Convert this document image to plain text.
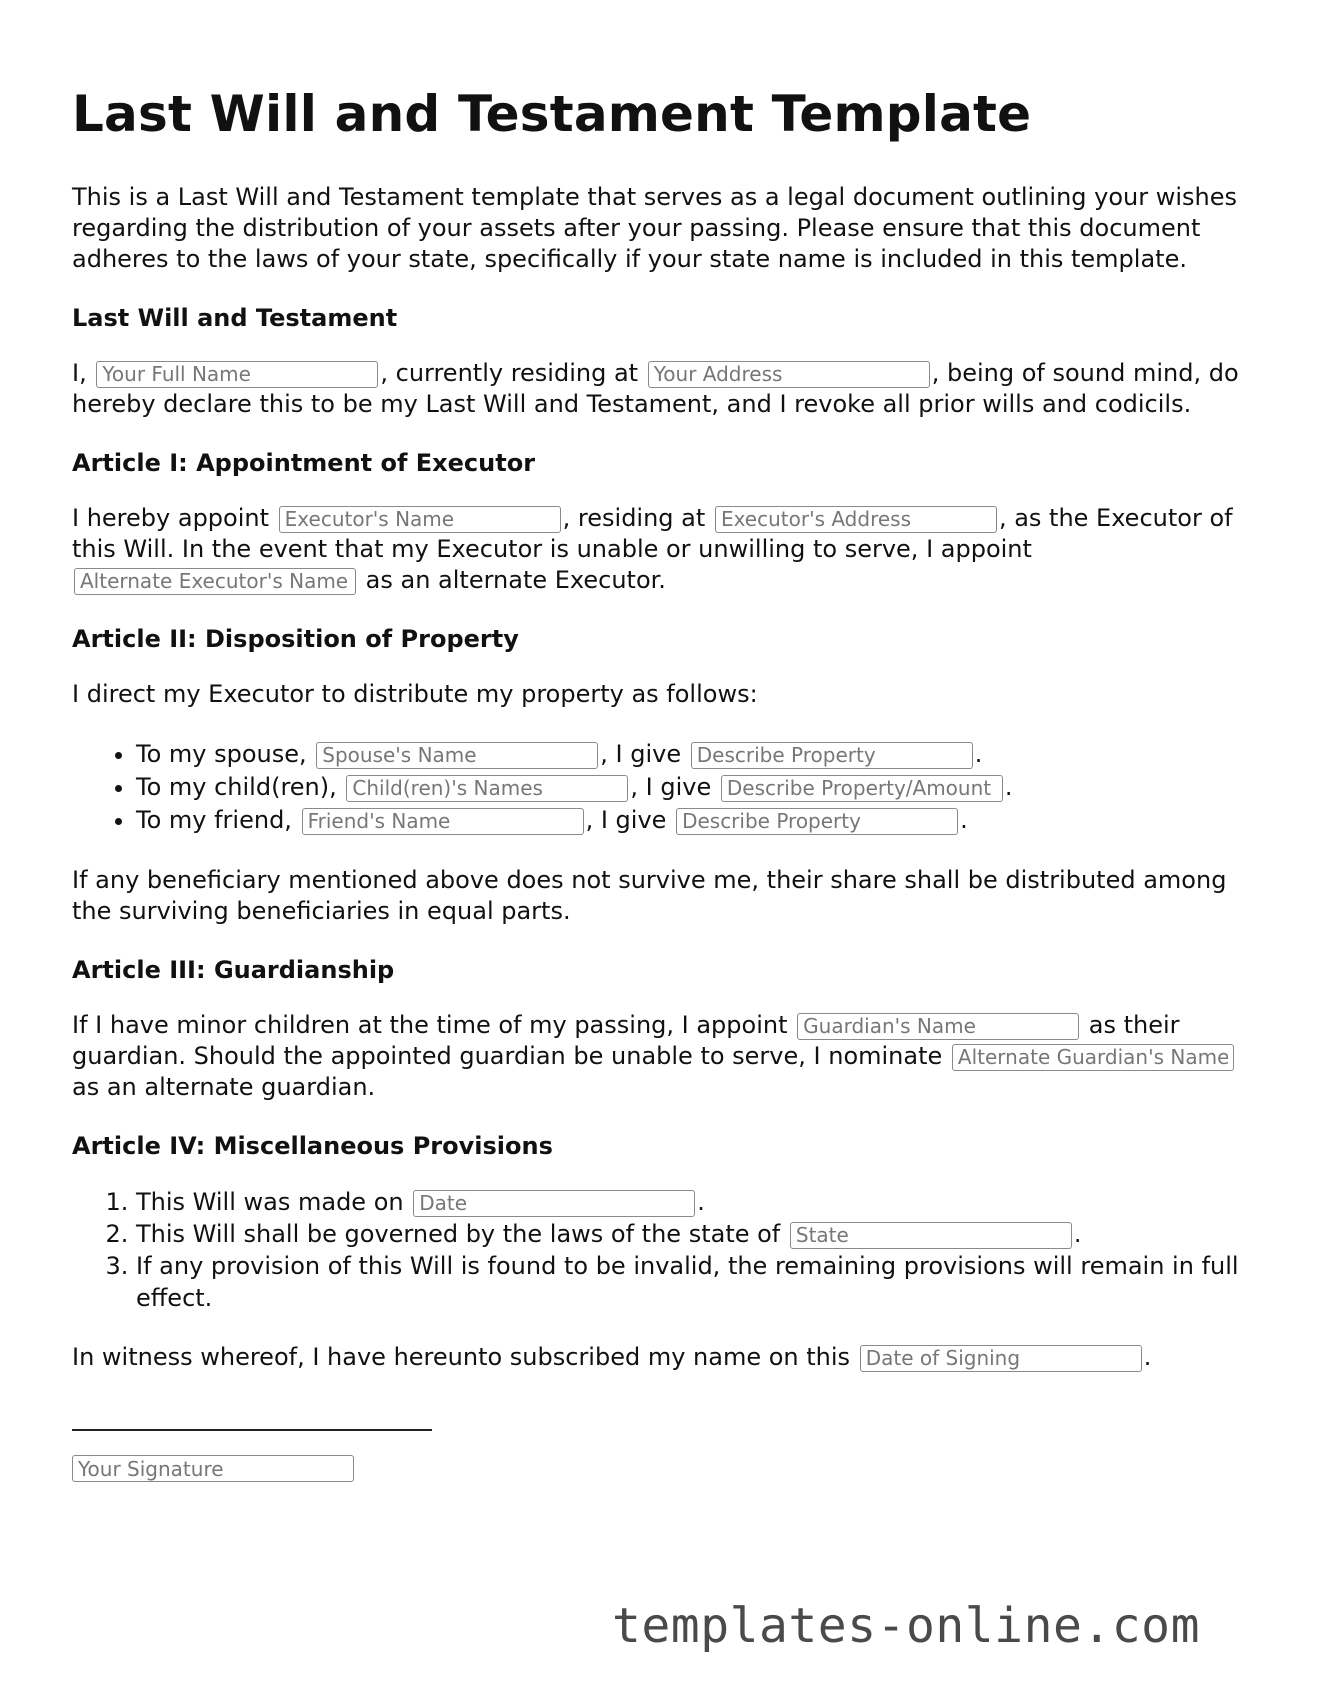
Last Will and Testament Template

This is a Last Will and Testament template that serves as a legal document outlining your wishes regarding the distribution of your assets after your passing. Please ensure that this document adheres to the laws of your state, specifically if your state name is included in this template.

Last Will and Testament

I, Your Full Name	, currently residing at Your Address	, being of sound mind, do hereby declare this to be my Last Will and Testament, and I revoke all prior wills and codicils.

Article I: Appointment of Executor

I hereby appoint Executor's Name	, residing at Executor's Address	, as the Executor of this Will. In the event that my Executor is unable or unwilling to serve, I appoint Alternate Executor's Name as an alternate Executor.

Article II: Disposition of Property

I direct my Executor to distribute my property as follows:

• To my spouse, Spouse's Name	, I give Describe Property	.
• To my child(ren), Child(ren)'s Names	, I give Describe Property/Amount	.
• To my friend, Friend's Name	, I give Describe Property	.

If any beneficiary mentioned above does not survive me, their share shall be distributed among the surviving beneficiaries in equal parts.

Article III: Guardianship

If I have minor children at the time of my passing, I appoint Guardian's Name	as their guardian. Should the appointed guardian be unable to serve, I nominate Alternate Guardian's Name as an alternate guardian.

Article IV: Miscellaneous Provisions
1. This Will was made on Date	.
2. This Will shall be governed by the laws of the state of State	.
3. If any provision of this Will is found to be invalid, the remaining provisions will remain in full effect.

In witness whereof, I have hereunto subscribed my name on this Date of Signing	.

Your Signature
templates-online.com
